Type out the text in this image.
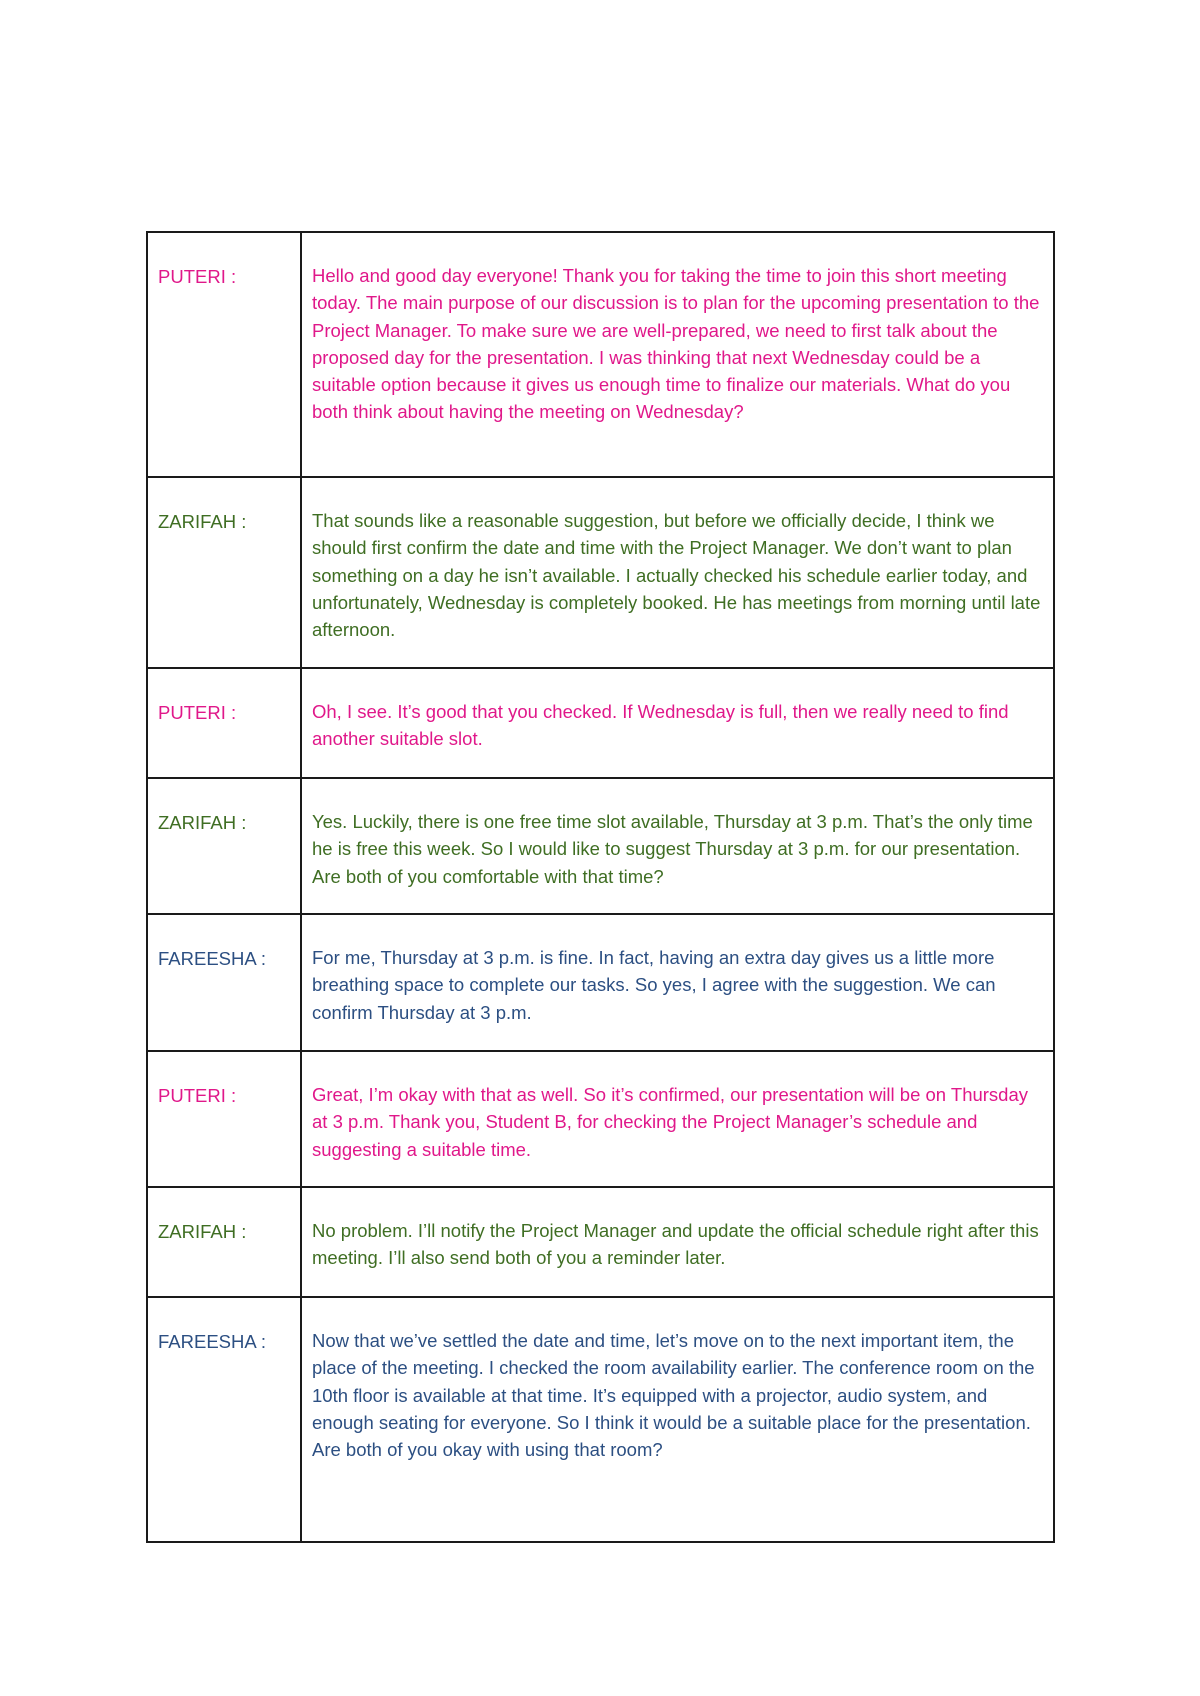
PUTERI :	Hello and good day everyone! Thank you for taking the time to join this short meeting today. The main purpose of our discussion is to plan for the upcoming presentation to the Project Manager. To make sure we are well-prepared, we need to first talk about the proposed day for the presentation. I was thinking that next Wednesday could be a suitable option because it gives us enough time to finalize our materials. What do you both think about having the meeting on Wednesday?
ZARIFAH :	That sounds like a reasonable suggestion, but before we officially decide, I think we should first confirm the date and time with the Project Manager. We don’t want to plan something on a day he isn’t available. I actually checked his schedule earlier today, and unfortunately, Wednesday is completely booked. He has meetings from morning until late afternoon.
PUTERI :	Oh, I see. It’s good that you checked. If Wednesday is full, then we really need to find another suitable slot.
ZARIFAH :	Yes. Luckily, there is one free time slot available, Thursday at 3 p.m. That’s the only time he is free this week. So I would like to suggest Thursday at 3 p.m. for our presentation. Are both of you comfortable with that time?
FAREESHA :	For me, Thursday at 3 p.m. is fine. In fact, having an extra day gives us a little more breathing space to complete our tasks. So yes, I agree with the suggestion. We can confirm Thursday at 3 p.m.
PUTERI :	Great, I’m okay with that as well. So it’s confirmed, our presentation will be on Thursday at 3 p.m. Thank you, Student B, for checking the Project Manager’s schedule and suggesting a suitable time.
ZARIFAH :	No problem. I’ll notify the Project Manager and update the official schedule right after this meeting. I’ll also send both of you a reminder later.
FAREESHA :	Now that we’ve settled the date and time, let’s move on to the next important item, the place of the meeting. I checked the room availability earlier. The conference room on the 10th floor is available at that time. It’s equipped with a projector, audio system, and enough seating for everyone. So I think it would be a suitable place for the presentation. Are both of you okay with using that room?
